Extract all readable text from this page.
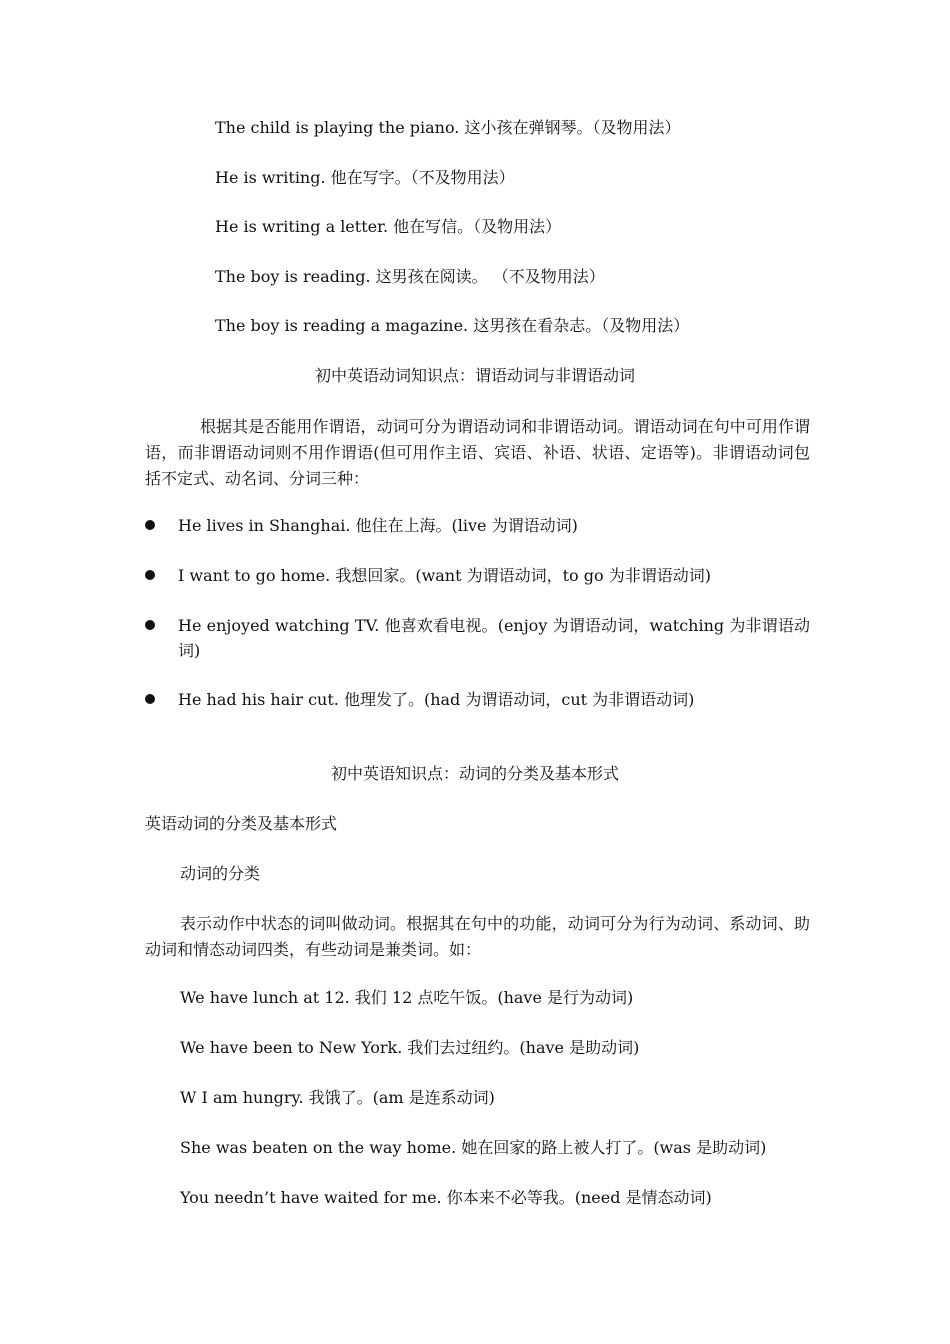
The child is playing the piano. 这小孩在弹钢琴。（及物用法）
He is writing. 他在写字。（不及物用法）
He is writing a letter. 他在写信。（及物用法）
The boy is reading. 这男孩在阅读。 （不及物用法）
The boy is reading a magazine. 这男孩在看杂志。（及物用法）
初中英语动词知识点：谓语动词与非谓语动词
根据其是否能用作谓语，动词可分为谓语动词和非谓语动词。谓语动词在句中可用作谓语，而非谓语动词则不用作谓语(但可用作主语、宾语、补语、状语、定语等)。非谓语动词包括不定式、动名词、分词三种：
He lives in Shanghai. 他住在上海。(live 为谓语动词)
I want to go home. 我想回家。(want 为谓语动词，to go 为非谓语动词)
He enjoyed watching TV. 他喜欢看电视。(enjoy 为谓语动词，watching 为非谓语动词)
He had his hair cut. 他理发了。(had 为谓语动词，cut 为非谓语动词)
初中英语知识点：动词的分类及基本形式
英语动词的分类及基本形式
动词的分类
表示动作中状态的词叫做动词。根据其在句中的功能，动词可分为行为动词、系动词、助动词和情态动词四类，有些动词是兼类词。如：
We have lunch at 12. 我们 12 点吃午饭。(have 是行为动词)
We have been to New York. 我们去过纽约。(have 是助动词)
W I am hungry. 我饿了。(am 是连系动词)
She was beaten on the way home. 她在回家的路上被人打了。(was 是助动词)
You needn’t have waited for me. 你本来不必等我。(need 是情态动词)
